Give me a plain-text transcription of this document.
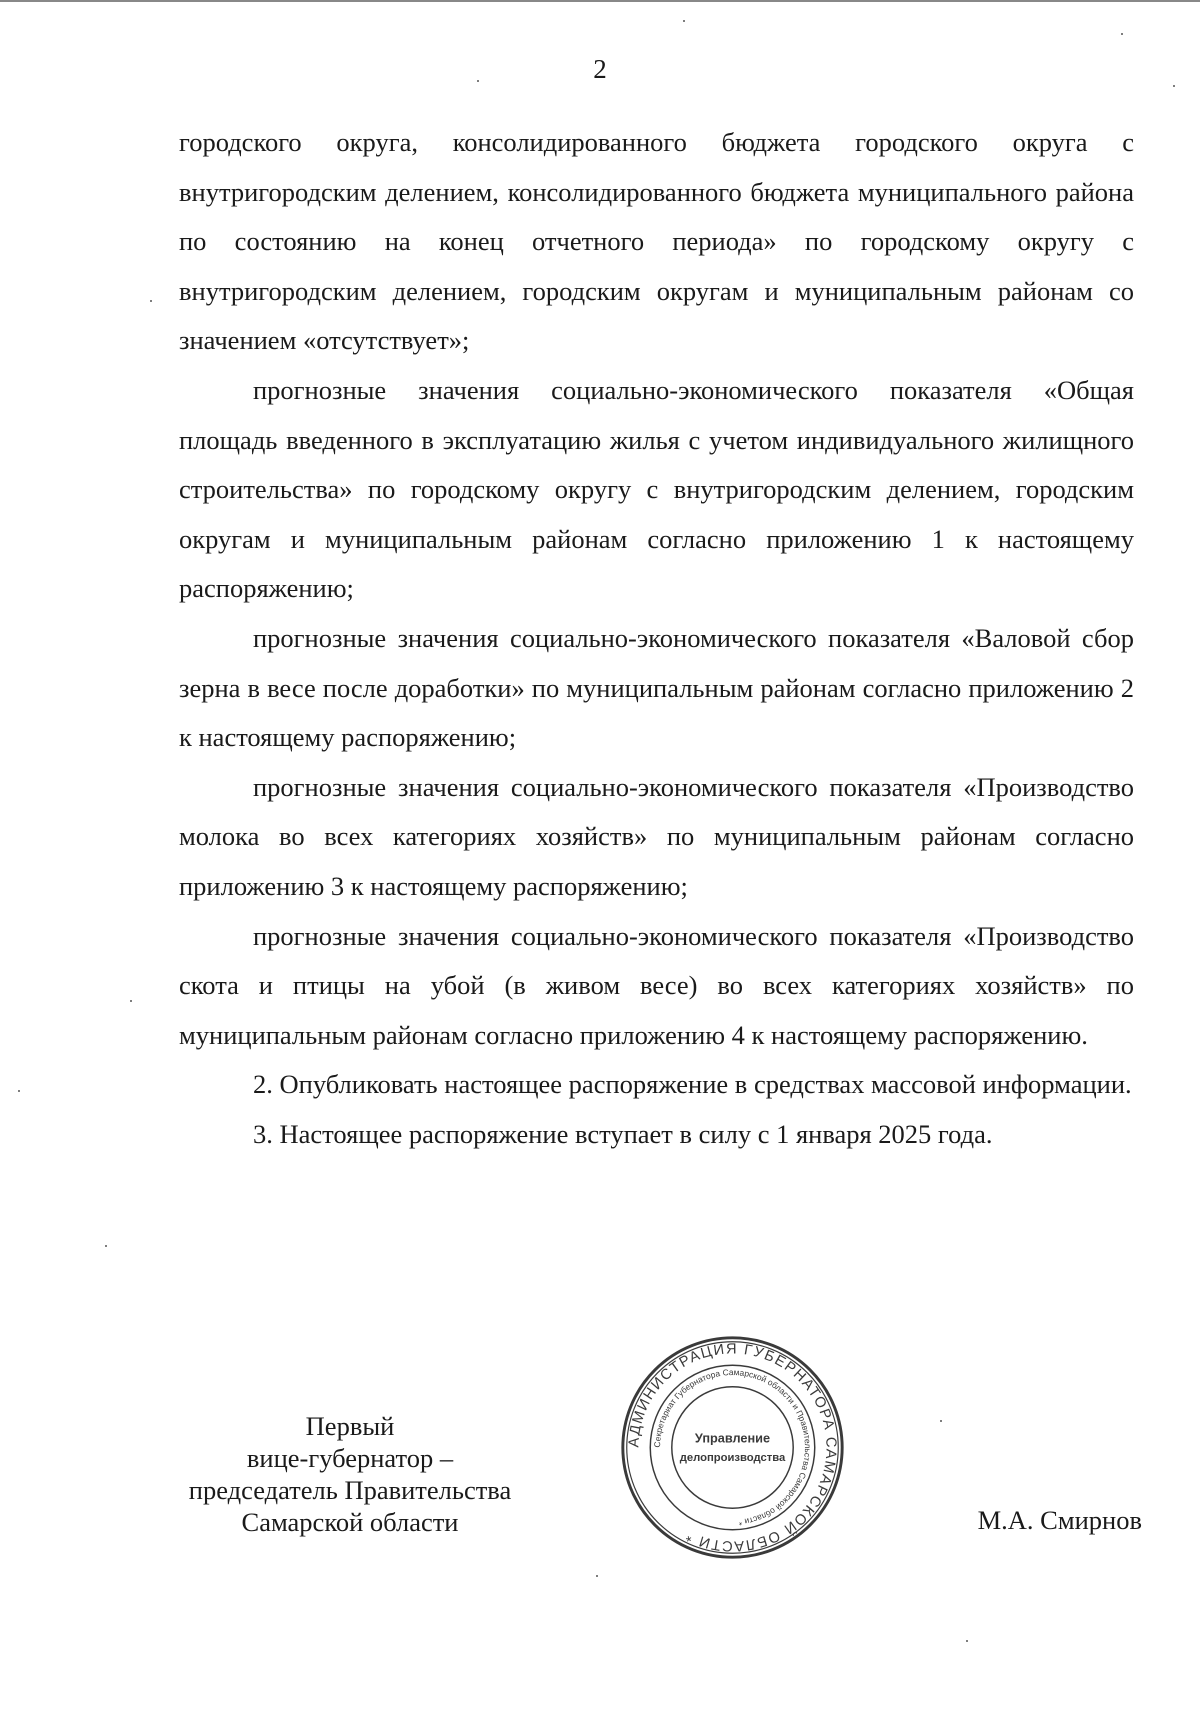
2

городского округа, консолидированного бюджета городского округа с внутригородским делением, консолидированного бюджета муниципального района по состоянию на конец отчетного периода» по городскому округу с внутригородским делением, городским округам и муниципальным районам со значением «отсутствует»;

прогнозные значения социально-экономического показателя «Общая площадь введенного в эксплуатацию жилья с учетом индивидуального жилищного строительства» по городскому округу с внутригородским делением, городским округам и муниципальным районам согласно приложению 1 к настоящему распоряжению;

прогнозные значения социально-экономического показателя «Валовой сбор зерна в весе после доработки» по муниципальным районам согласно приложению 2 к настоящему распоряжению;

прогнозные значения социально-экономического показателя «Производство молока во всех категориях хозяйств» по муниципальным районам согласно приложению 3 к настоящему распоряжению;

прогнозные значения социально-экономического показателя «Производство скота и птицы на убой (в живом весе) во всех категориях хозяйств» по муниципальным районам согласно приложению 4 к настоящему распоряжению.

2. Опубликовать настоящее распоряжение в средствах массовой информации.

3. Настоящее распоряжение вступает в силу с 1 января 2025 года.

Первый
вице-губернатор –
председатель Правительства
Самарской области
АДМИНИСТРАЦИЯ ГУБЕРНАТОРА САМАРСКОЙ ОБЛАСТИ *
Секретариат Губернатора Самарской области и Правительства Самарской области *
Управление
делопроизводства
М.А. Смирнов
